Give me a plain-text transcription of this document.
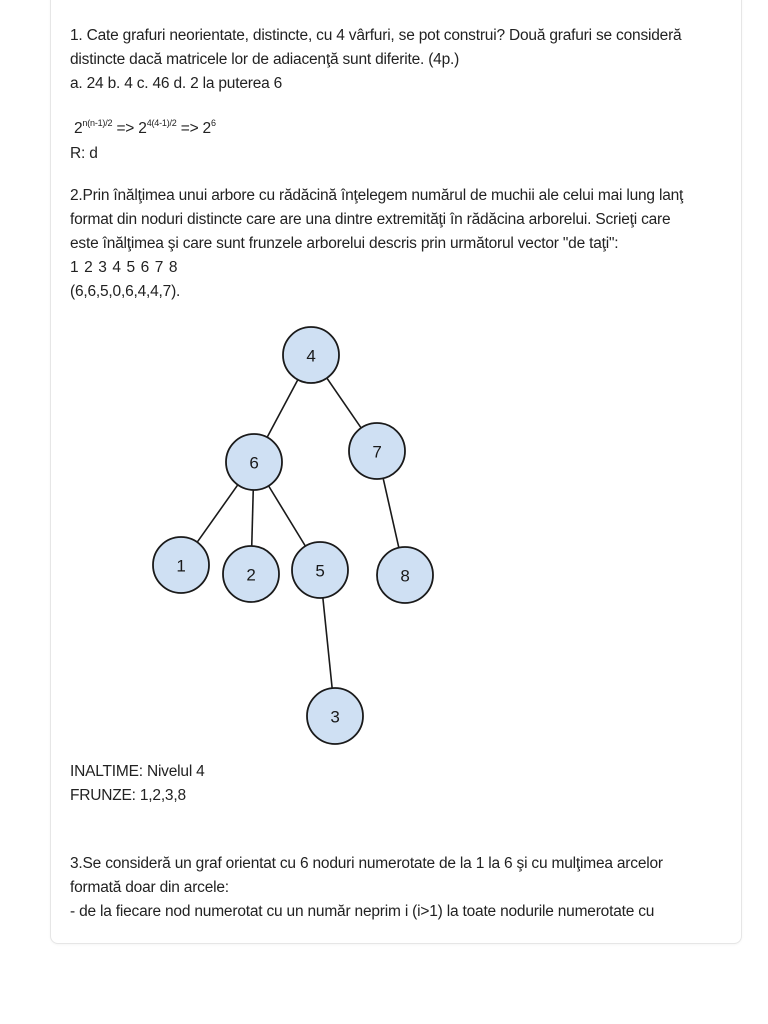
1. Cate grafuri neorientate, distincte, cu 4 vârfuri, se pot construi? Două grafuri se consideră
distincte dacă matricele lor de adiacenţă sunt diferite. (4p.)
a. 24 b. 4 c. 46 d. 2 la puterea 6
$2^{n(n-1)/2} => 2^{4(4-1)/2} => 2^6$
R: d
2.Prin înălţimea unui arbore cu rădăcină înţelegem numărul de muchii ale celui mai lung lanţ
format din noduri distincte care are una dintre extremităţi în rădăcina arborelui. Scrieţi care
este înălţimea şi care sunt frunzele arborelui descris prin următorul vector "de taţi":
1 2 3 4 5 6 7 8
(6,6,5,0,6,4,4,7).
4
6
7
1	2	5	8
3
INALTIME: Nivelul 4
FRUNZE: 1,2,3,8
3.Se consideră un graf orientat cu 6 noduri numerotate de la 1 la 6 şi cu mulţimea arcelor
formată doar din arcele:
- de la fiecare nod numerotat cu un număr neprim i (i>1) la toate nodurile numerotate cu
